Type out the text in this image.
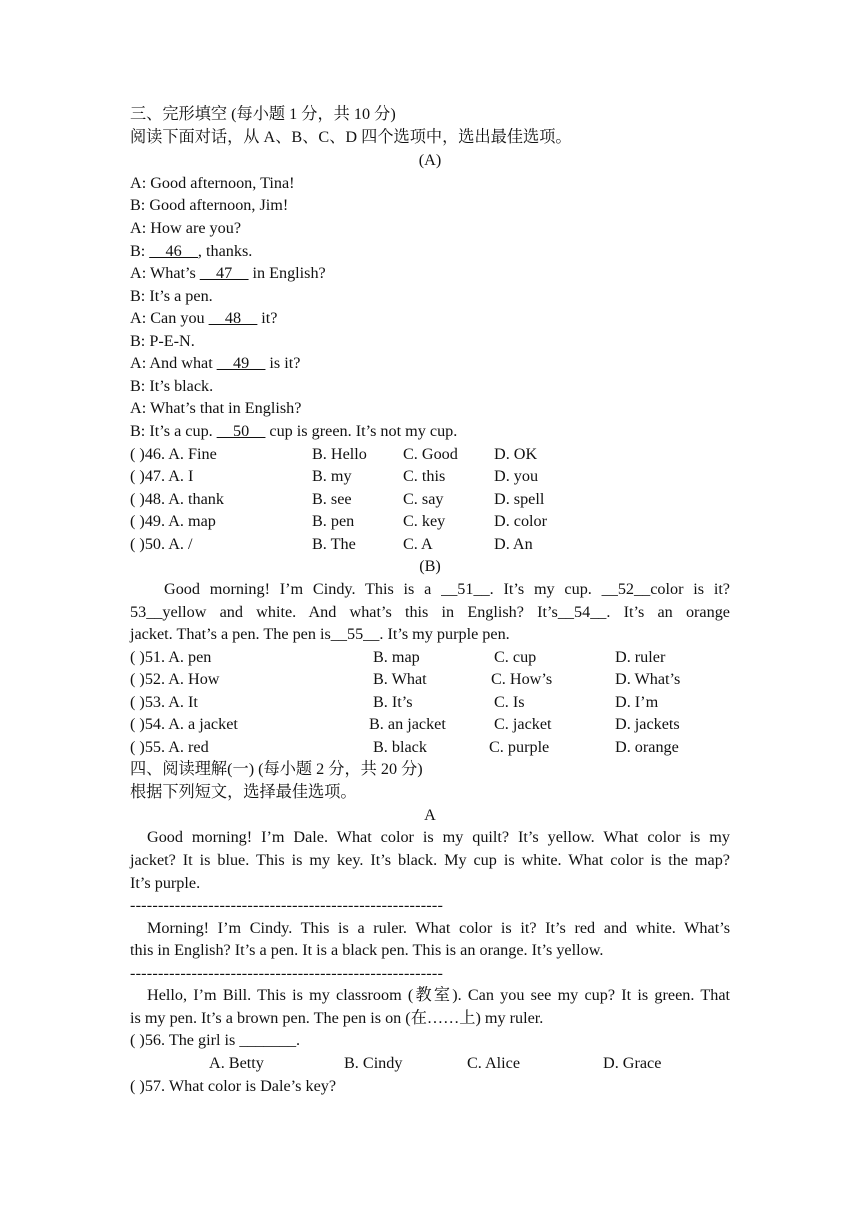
三、完形填空 (每小题 1 分，共 10 分)
阅读下面对话，从 A、B、C、D 四个选项中，选出最佳选项。
(A)
A: Good afternoon, Tina!
B: Good afternoon, Jim!
A: How are you?
B: __46__, thanks.
A: What’s __47__ in English?
B: It’s a pen.
A: Can you __48__ it?
B: P-E-N.
A: And what __49__ is it?
B: It’s black.
A: What’s that in English?
B: It’s a cup. __50__ cup is green. It’s not my cup.
( )46. A. Fine	B. Hello C. Good D. OK
( )47. A. I	B. my	C. this	D. you
( )48. A. thank	B. see	C. say	D. spell
( )49. A. map	B. pen	C. key	D. color
( )50. A. /	B. The	C. A	D. An
(B)
Good morning! I’m Cindy. This is a __51__. It’s my cup. __52__color is it?
53__yellow and white. And what’s this in English? It’s__54__. It’s an orange
jacket. That’s a pen. The pen is__55__. It’s my purple pen.
( )51. A. pen	B. map	C. cup	D. ruler
( )52. A. How	B. What	C. How’s	D. What’s
( )53. A. It	B. It’s	C. Is	D. I’m
( )54. A. a jacket	B. an jacket	C. jacket	D. jackets
( )55. A. red	B. black	C. purple	D. orange
四、阅读理解(一) (每小题 2 分，共 20 分)
根据下列短文，选择最佳选项。
A
Good morning! I’m Dale. What color is my quilt? It’s yellow. What color is my
jacket? It is blue. This is my key. It’s black. My cup is white. What color is the map?
It’s purple.
--------------------------------------------------------
Morning! I’m Cindy. This is a ruler. What color is it? It’s red and white. What’s
this in English? It’s a pen. It is a black pen. This is an orange. It’s yellow.
--------------------------------------------------------
Hello, I’m Bill. This is my classroom (教室). Can you see my cup? It is green. That
is my pen. It’s a brown pen. The pen is on (在……上) my ruler.
( )56. The girl is _______.
A. Betty	B. Cindy	C. Alice	D. Grace
( )57. What color is Dale’s key?
